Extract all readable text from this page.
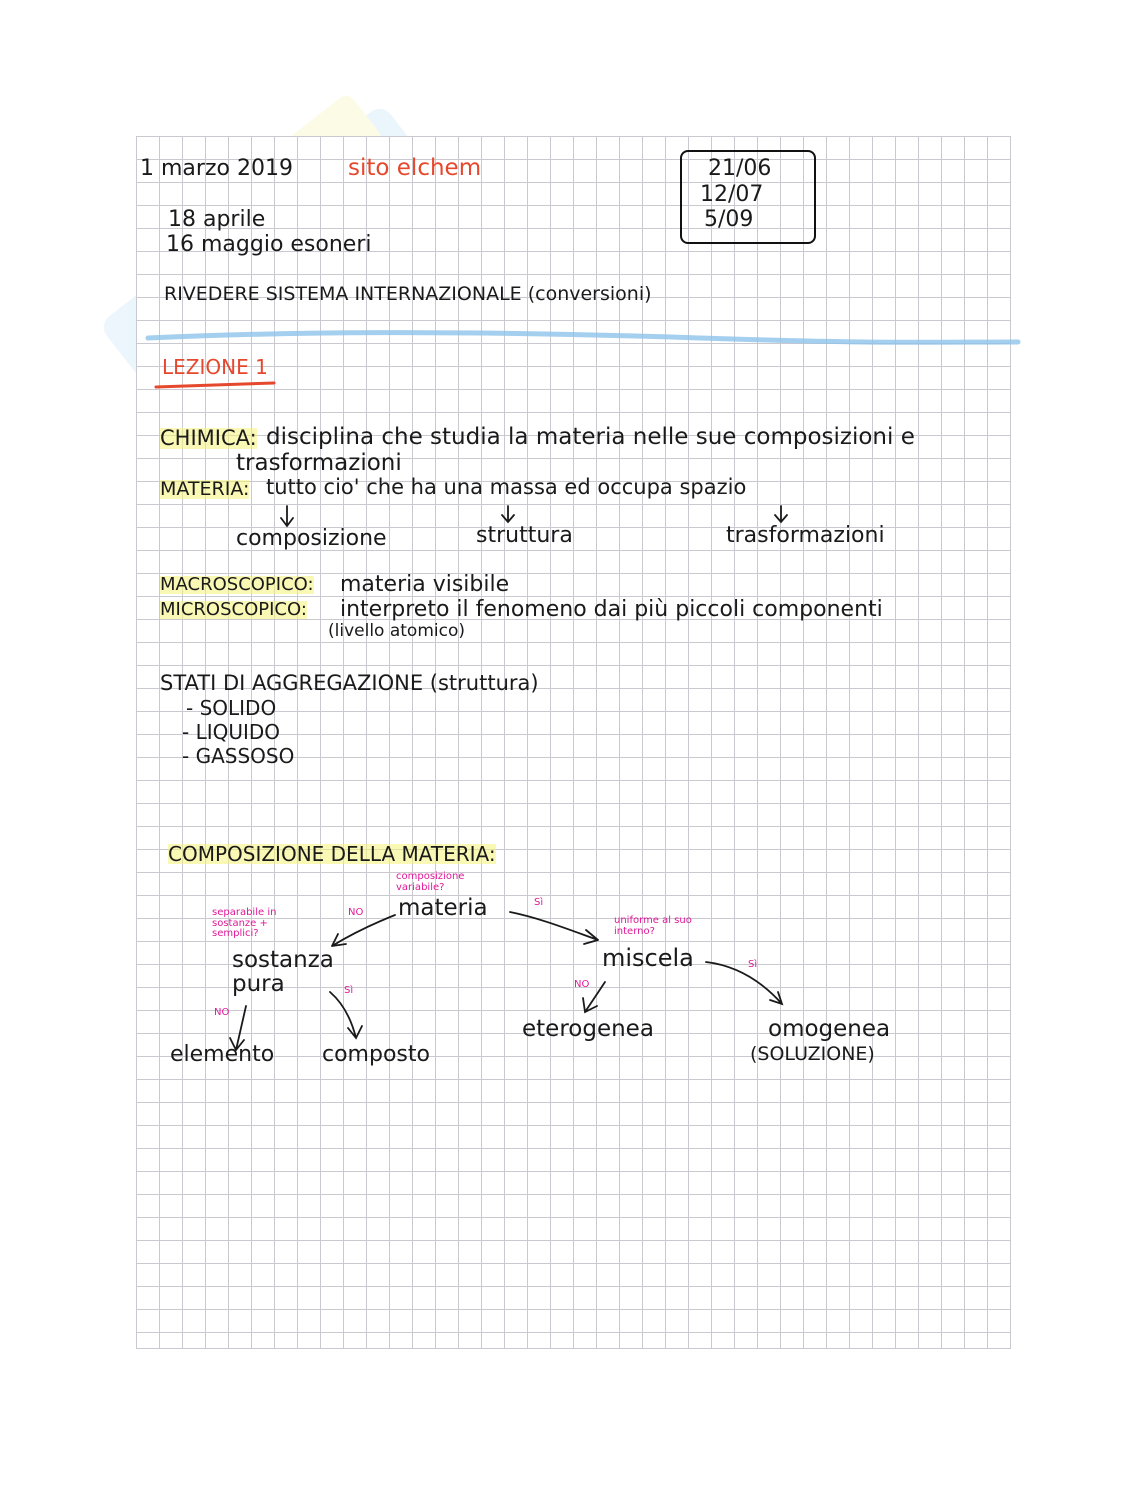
1 marzo 2019 sito elchem	21/06
12/07
5/09
18 aprile
16 maggio esoneri
RIVEDERE SISTEMA INTERNAZIONALE (conversioni)
LEZIONE 1
CHIMICA: disciplina che studia la materia nelle sue composizioni e
trasformazioni
MATERIA: tutto cio' che ha una massa ed occupa spazio
composizione	struttura	trasformazioni
MACROSCOPICO: materia visibile
MICROSCOPICO: interpreto il fenomeno dai più piccoli componenti
(livello atomico)
STATI DI AGGREGAZIONE (struttura)
- SOLIDO
- LIQUIDO
- GASSOSO
COMPOSIZIONE DELLA MATERIA:
composizione variabile?
materia
separabile in sostanze + semplici?
NO
Sì
sostanza pura
uniforme al suo interno?
miscela	Sì
NO
Sì
NO
elemento composto
eterogenea	omogenea
(SOLUZIONE)
